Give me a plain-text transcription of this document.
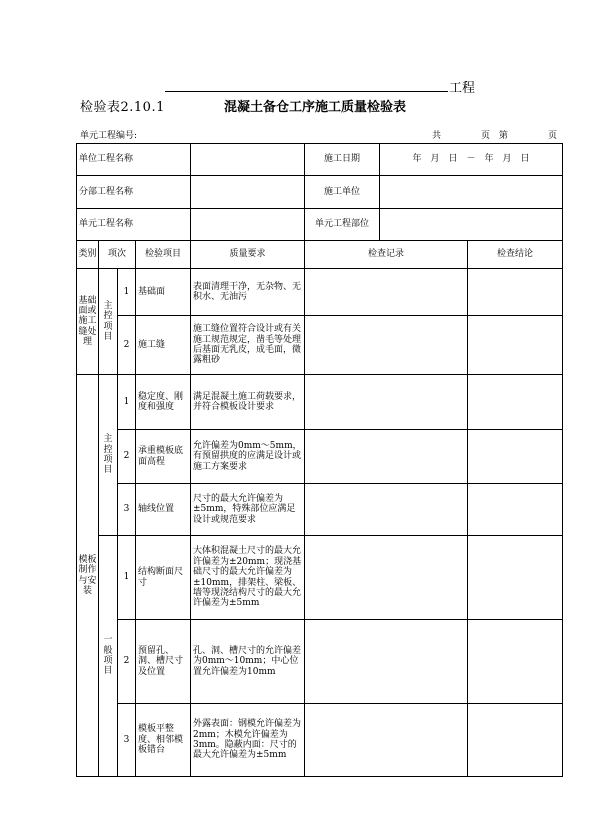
工程
检验表2.10.1	混凝土备仓工序施工质量检验表
单元工程编号:	共	页 第	页
单位工程名称					施工日期	年　月　日　－　年　月　日	
分部工程名称					施工单位		
单元工程名称					单元工程部位		
类别	项次		检验项目	质量要求	检查记录		检查结论
基础面或施工缝处理	主控项目	1	基础面	表面清理干净，无杂物、无积水、无油污			
		2	施工缝	施工缝位置符合设计或有关施工规范规定，凿毛等处理后基面无乳皮，成毛面，微露粗砂			
模板制作与安装	主控项目	1	稳定度、刚度和强度	满足混凝土施工荷载要求，并符合模板设计要求			
		2	承重模板底面高程	允许偏差为0mm～5mm，有预留拱度的应满足设计或施工方案要求			
		3	轴线位置	尺寸的最大允许偏差为±5mm，特殊部位应满足设计或规范要求			
	一般项目	1	结构断面尺寸	大体积混凝土尺寸的最大允许偏差为±20mm；现浇基础尺寸的最大允许偏差为±10mm，排架柱、梁板、墙等现浇结构尺寸的最大允许偏差为±5mm			
		2	预留孔、洞、槽尺寸及位置	孔、洞、槽尺寸的允许偏差为0mm～10mm；中心位置允许偏差为10mm			
		3	模板平整度、相邻模板错台	外露表面：钢模允许偏差为2mm；木模允许偏差为3mm。隐蔽内面：尺寸的最大允许偏差为±5mm			
